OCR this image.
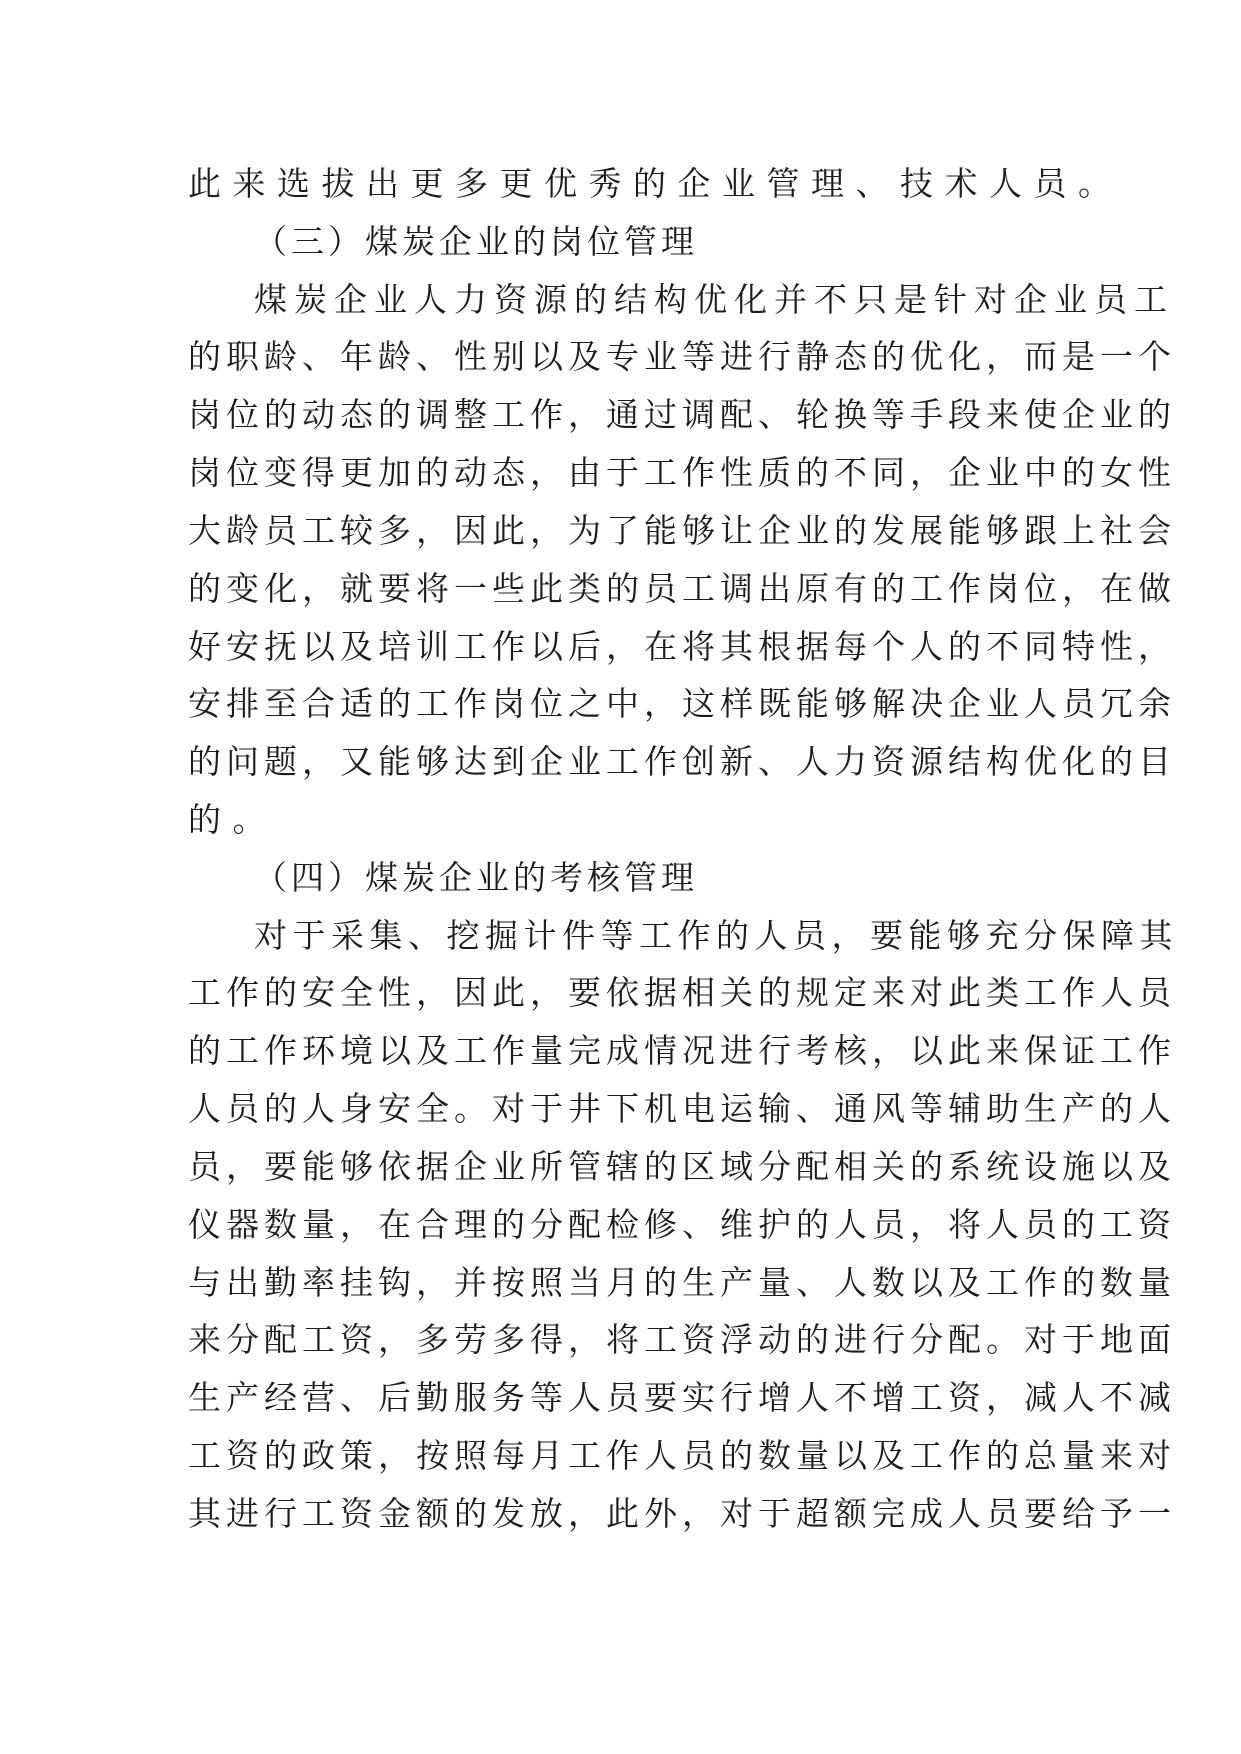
此来选拔出更多更优秀的企业管理、技术人员。
（三）煤炭企业的岗位管理
煤炭企业人力资源的结构优化并不只是针对企业员工
的职龄、年龄、性别以及专业等进行静态的优化，而是一个
岗位的动态的调整工作，通过调配、轮换等手段来使企业的
岗位变得更加的动态，由于工作性质的不同，企业中的女性
大龄员工较多，因此，为了能够让企业的发展能够跟上社会
的变化，就要将一些此类的员工调出原有的工作岗位，在做
好安抚以及培训工作以后，在将其根据每个人的不同特性，
安排至合适的工作岗位之中，这样既能够解决企业人员冗余
的问题，又能够达到企业工作创新、人力资源结构优化的目
的。
（四）煤炭企业的考核管理
对于采集、挖掘计件等工作的人员，要能够充分保障其
工作的安全性，因此，要依据相关的规定来对此类工作人员
的工作环境以及工作量完成情况进行考核，以此来保证工作
人员的人身安全。对于井下机电运输、通风等辅助生产的人
员，要能够依据企业所管辖的区域分配相关的系统设施以及
仪器数量，在合理的分配检修、维护的人员，将人员的工资
与出勤率挂钩，并按照当月的生产量、人数以及工作的数量
来分配工资，多劳多得，将工资浮动的进行分配。对于地面
生产经营、后勤服务等人员要实行增人不增工资，减人不减
工资的政策，按照每月工作人员的数量以及工作的总量来对
其进行工资金额的发放，此外，对于超额完成人员要给予一
